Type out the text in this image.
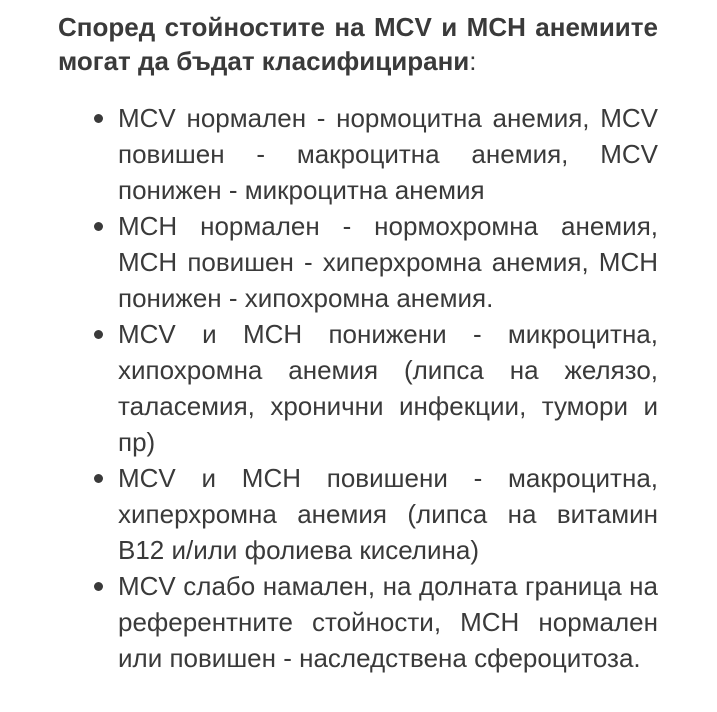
Според стойностите на MCV и MCH анемиите могат да бъдат класифицирани:

MCV нормален - нормоцитна анемия, MCV повишен - макроцитна анемия, MCV понижен - микроцитна анемия
MCH нормален - нормохромна анемия, MCH повишен - хиперхромна анемия, MCH понижен - хипохромна анемия.
MCV и MCH понижени - микроцитна, хипохромна анемия (липса на желязо, таласемия, хронични инфекции, тумори и пр)
MCV и MCH повишени - макроцитна, хиперхромна анемия (липса на витамин B12 и/или фолиева киселина)
MCV слабо намален, на долната граница на референтните стойности, MCH нормален или повишен - наследствена сфероцитоза.
